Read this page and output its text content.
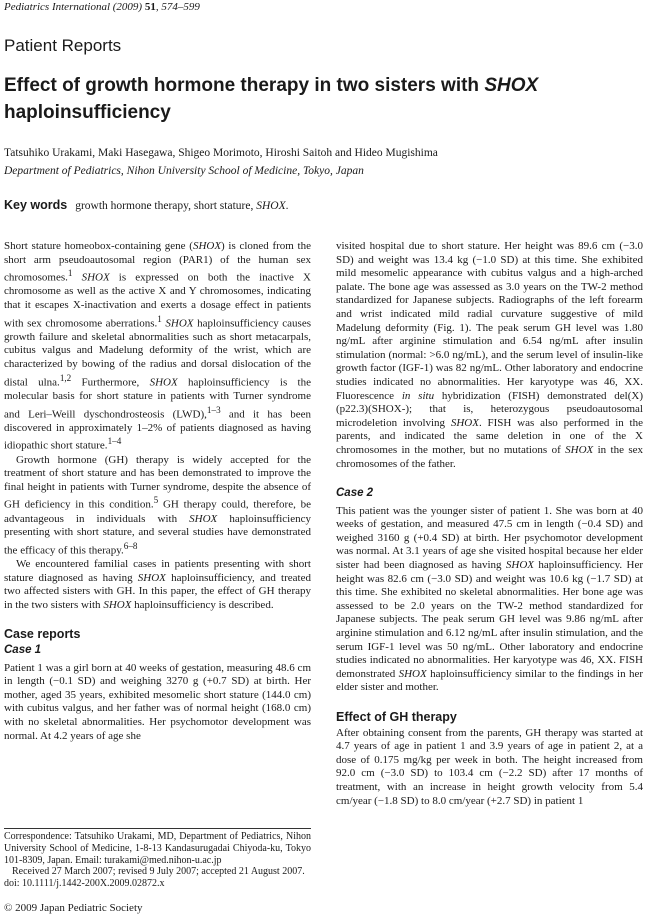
Pediatrics International (2009) 51, 574–599
Patient Reports
Effect of growth hormone therapy in two sisters with SHOX haploinsufficiency
Tatsuhiko Urakami, Maki Hasegawa, Shigeo Morimoto, Hiroshi Saitoh and Hideo Mugishima
Department of Pediatrics, Nihon University School of Medicine, Tokyo, Japan
Key words growth hormone therapy, short stature, SHOX.

Short stature homeobox-containing gene (SHOX) is cloned from the short arm pseudoautosomal region (PAR1) of the human sex chromosomes.$^1$ SHOX is expressed on both the inactive X chromosome as well as the active X and Y chromosomes, indicating that it escapes X-inactivation and exerts a dosage effect in patients with sex chromosome aberrations.$^1$ SHOX haploinsufficiency causes growth failure and skeletal abnormalities such as short metacarpals, cubitus valgus and Madelung deformity of the wrist, which are characterized by bowing of the radius and dorsal dislocation of the distal ulna.$^{1,2}$ Furthermore, SHOX haploinsufficiency is the molecular basis for short stature in patients with Turner syndrome and Leri–Weill dyschondrosteosis (LWD),$^{1-3}$ and it has been discovered in approximately 1–2% of patients diagnosed as having idiopathic short stature.$^{1-4}$

Growth hormone (GH) therapy is widely accepted for the treatment of short stature and has been demonstrated to improve the final height in patients with Turner syndrome, despite the absence of GH deficiency in this condition.$^5$ GH therapy could, therefore, be advantageous in individuals with SHOX haploinsufficiency presenting with short stature, and several studies have demonstrated the efficacy of this therapy.$^{6-8}$

We encountered familial cases in patients presenting with short stature diagnosed as having SHOX haploinsufficiency, and treated two affected sisters with GH. In this paper, the effect of GH therapy in the two sisters with SHOX haploinsufficiency is described.

Case reports
Case 1

Patient 1 was a girl born at 40 weeks of gestation, measuring 48.6 cm in length (−0.1 SD) and weighing 3270 g (+0.7 SD) at birth. Her mother, aged 35 years, exhibited mesomelic short stature (144.0 cm) with cubitus valgus, and her father was of normal height (168.0 cm) with no skeletal abnormalities. Her psychomotor development was normal. At 4.2 years of age she

visited hospital due to short stature. Her height was 89.6 cm (−3.0 SD) and weight was 13.4 kg (−1.0 SD) at this time. She exhibited mild mesomelic appearance with cubitus valgus and a high-arched palate. The bone age was assessed as 3.0 years on the TW-2 method standardized for Japanese subjects. Radiographs of the left forearm and wrist indicated mild radial curvature suggestive of mild Madelung deformity (Fig. 1). The peak serum GH level was 1.80 ng/mL after arginine stimulation and 6.54 ng/mL after insulin stimulation (normal: >6.0 ng/mL), and the serum level of insulin-like growth factor (IGF-1) was 82 ng/mL. Other laboratory and endocrine studies indicated no abnormalities. Her karyotype was 46, XX. Fluorescence in situ hybridization (FISH) demonstrated del(X)(p22.3)(SHOX-); that is, heterozygous pseudoautosomal microdeletion involving SHOX. FISH was also performed in the parents, and indicated the same deletion in one of the X chromosomes in the mother, but no mutations of SHOX in the sex chromosomes of the father.

Case 2

This patient was the younger sister of patient 1. She was born at 40 weeks of gestation, and measured 47.5 cm in length (−0.4 SD) and weighed 3160 g (+0.4 SD) at birth. Her psychomotor development was normal. At 3.1 years of age she visited hospital because her elder sister had been diagnosed as having SHOX haploinsufficiency. Her height was 82.6 cm (−3.0 SD) and weight was 10.6 kg (−1.7 SD) at this time. She exhibited no skeletal abnormalities. Her bone age was assessed to be 2.0 years on the TW-2 method standardized for Japanese subjects. The peak serum GH level was 9.86 ng/mL after arginine stimulation and 6.12 ng/mL after insulin stimulation, and the serum IGF-1 level was 50 ng/mL. Other laboratory and endocrine studies indicated no abnormalities. Her karyotype was 46, XX. FISH demonstrated SHOX haploinsufficiency similar to the findings in her elder sister and mother.

Effect of GH therapy

After obtaining consent from the parents, GH therapy was started at 4.7 years of age in patient 1 and 3.9 years of age in patient 2, at a dose of 0.175 mg/kg per week in both. The height increased from 92.0 cm (−3.0 SD) to 103.4 cm (−2.2 SD) after 17 months of treatment, with an increase in height growth velocity from 5.4 cm/year (−1.8 SD) to 8.0 cm/year (+2.7 SD) in patient 1

Correspondence: Tatsuhiko Urakami, MD, Department of Pediatrics, Nihon University School of Medicine, 1-8-13 Kandasurugadai Chiyoda-ku, Tokyo 101-8309, Japan. Email: turakami@med.nihon-u.ac.jp
Received 27 March 2007; revised 9 July 2007; accepted 21 August 2007.
doi: 10.1111/j.1442-200X.2009.02872.x
© 2009 Japan Pediatric Society
